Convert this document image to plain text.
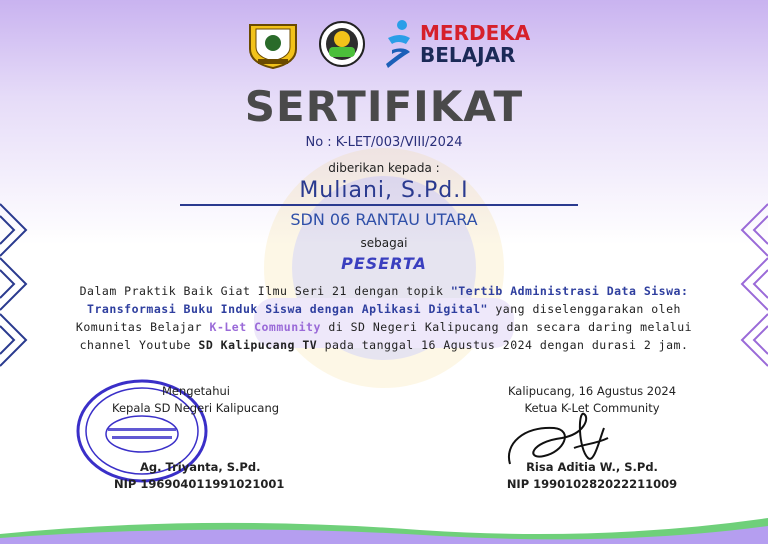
MERDEKA
BELAJAR
SERTIFIKAT
No : K-LET/003/VIII/2024
diberikan kepada :
Muliani, S.Pd.I
SDN 06 RANTAU UTARA
sebagai
PESERTA
Dalam Praktik Baik Giat Ilmu Seri 21 dengan topik "Tertib Administrasi Data Siswa:
Transformasi Buku Induk Siswa dengan Aplikasi Digital" yang diselenggarakan oleh
Komunitas Belajar K-Let Community di SD Negeri Kalipucang dan secara daring melalui
channel Youtube SD Kalipucang TV pada tanggal 16 Agustus 2024 dengan durasi 2 jam.
Mengetahui
Kepala SD Negeri Kalipucang
Ag. Triyanta, S.Pd.
NIP 196904011991021001
Kalipucang, 16 Agustus 2024
Ketua K-Let Community
Risa Aditia W., S.Pd.
NIP 199010282022211009
